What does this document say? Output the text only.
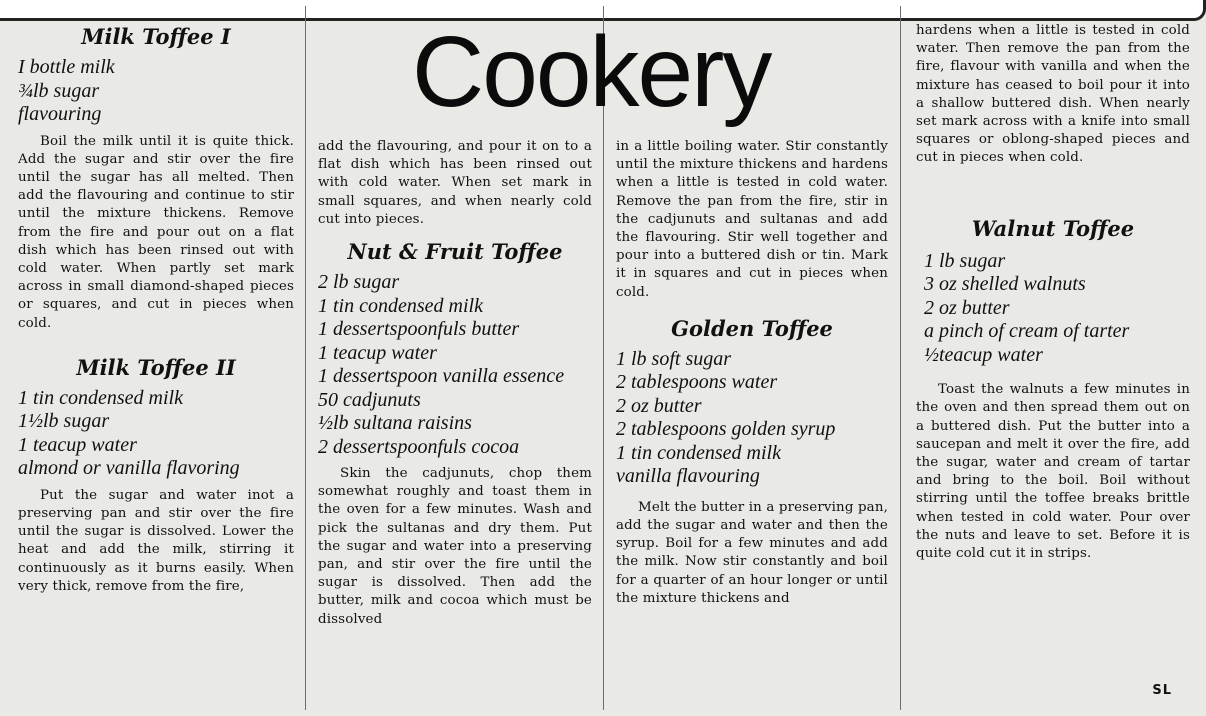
Cookery
Milk Toffee I
I bottle milk
¾lb sugar
flavouring

Boil the milk until it is quite thick. Add the sugar and stir over the fire until the sugar has all melted. Then add the flavouring and continue to stir until the mixture thickens. Remove from the fire and pour out on a flat dish which has been rinsed out with cold water. When partly set mark across in small diamond-shaped pieces or squares, and cut in pieces when cold.

Milk Toffee II
1 tin condensed milk
1½lb sugar
1 teacup water
almond or vanilla flavoring

Put the sugar and water inot a preserving pan and stir over the fire until the sugar is dissolved. Lower the heat and add the milk, stirring it continuously as it burns easily. When very thick, remove from the fire,

add the flavouring, and pour it on to a flat dish which has been rinsed out with cold water. When set mark in small squares, and when nearly cold cut into pieces.

Nut & Fruit Toffee
2 lb sugar
1 tin condensed milk
1 dessertspoonfuls butter
1 teacup water
1 dessertspoon vanilla essence
50 cadjunuts
½lb sultana raisins
2 dessertspoonfuls cocoa

Skin the cadjunuts, chop them somewhat roughly and toast them in the oven for a few minutes. Wash and pick the sultanas and dry them. Put the sugar and water into a preserving pan, and stir over the fire until the sugar is dissolved. Then add the butter, milk and cocoa which must be dissolved

in a little boiling water. Stir constantly until the mixture thickens and hardens when a little is tested in cold water. Remove the pan from the fire, stir in the cadjunuts and sultanas and add the flavouring. Stir well together and pour into a buttered dish or tin. Mark it in squares and cut in pieces when cold.

Golden Toffee
1 lb soft sugar
2 tablespoons water
2 oz butter
2 tablespoons golden syrup
1 tin condensed milk
vanilla flavouring

Melt the butter in a preserving pan, add the sugar and water and then the syrup. Boil for a few minutes and add the milk. Now stir constantly and boil for a quarter of an hour longer or until the mixture thickens and

hardens when a little is tested in cold water. Then remove the pan from the fire, flavour with vanilla and when the mixture has ceased to boil pour it into a shallow buttered dish. When nearly set mark across with a knife into small squares or oblong-shaped pieces and cut in pieces when cold.

Walnut Toffee
1 lb sugar
3 oz shelled walnuts
2 oz butter
a pinch of cream of tarter
½teacup water

Toast the walnuts a few minutes in the oven and then spread them out on a buttered dish. Put the butter into a saucepan and melt it over the fire, add the sugar, water and cream of tartar and bring to the boil. Boil without stirring until the toffee breaks brittle when tested in cold water. Pour over the nuts and leave to set. Before it is quite cold cut it in strips.

SL
